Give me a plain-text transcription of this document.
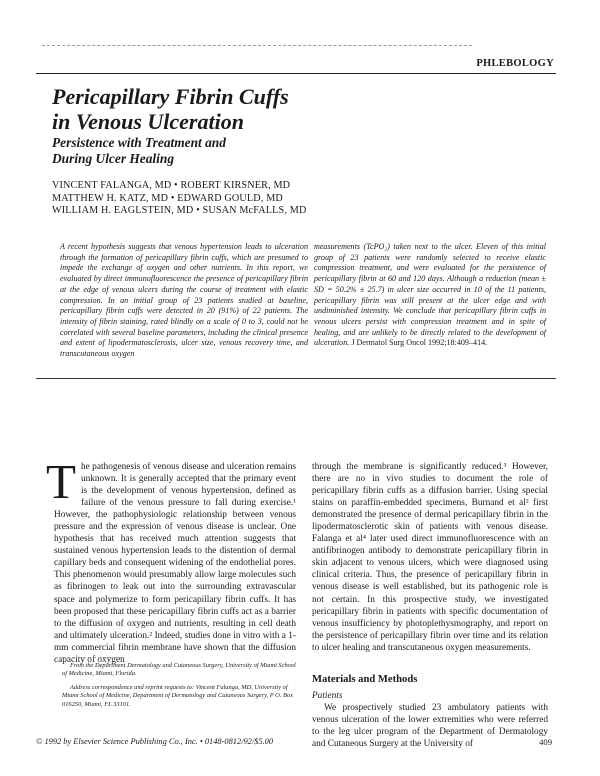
PHLEBOLOGY
Pericapillary Fibrin Cuffs
in Venous Ulceration
Persistence with Treatment and
During Ulcer Healing
VINCENT FALANGA, MD • ROBERT KIRSNER, MD
MATTHEW H. KATZ, MD • EDWARD GOULD, MD
WILLIAM H. EAGLSTEIN, MD • SUSAN McFALLS, MD

A recent hypothesis suggests that venous hypertension leads to ulceration through the formation of pericapillary fibrin cuffs, which are presumed to impede the exchange of oxygen and other nutrients. In this report, we evaluated by direct immunofluorescence the presence of pericapillary fibrin at the edge of venous ulcers during the course of treatment with elastic compression. In an initial group of 23 patients studied at baseline, pericapillary fibrin cuffs were detected in 20 (91%) of 22 patients. The intensity of fibrin staining, rated blindly on a scale of 0 to 3, could not be correlated with several baseline parameters, including the clinical presence and extent of lipodermatosclerosis, ulcer size, venous recovery time, and transcutaneous oxygen

measurements (TcPO₂) taken next to the ulcer. Eleven of this initial group of 23 patients were randomly selected to receive elastic compression treatment, and were evaluated for the persistence of pericapillary fibrin at 60 and 120 days. Although a reduction (mean ± SD = 50.2% ± 25.7) in ulcer size occurred in 10 of the 11 patients, pericapillary fibrin was still present at the ulcer edge and with undiminished intensity. We conclude that pericapillary fibrin cuffs in venous ulcers persist with compression treatment and in spite of healing, and are unlikely to be directly related to the development of ulceration. J Dermatol Surg Oncol 1992;18:409–414.

The pathogenesis of venous disease and ulceration remains unknown. It is generally accepted that the primary event is the development of venous hypertension, defined as failure of the venous pressure to fall during exercise.¹ However, the pathophysiologic relationship between venous pressure and the expression of venous disease is unclear. One hypothesis that has received much attention suggests that sustained venous hypertension leads to the distention of dermal capillary beds and consequent widening of the endothelial pores. This phenomenon would presumably allow large molecules such as fibrinogen to leak out into the surrounding extravascular space and polymerize to form pericapillary fibrin cuffs. It has been proposed that these pericapillary fibrin cuffs act as a barrier to the diffusion of oxygen and nutrients, resulting in cell death and ultimately ulceration.² Indeed, studies done in vitro with a 1-mm commercial fibrin membrane have shown that the diffusion capacity of oxygen

through the membrane is significantly reduced.³ However, there are no in vivo studies to document the role of pericapillary fibrin cuffs as a diffusion barrier. Using special stains on paraffin-embedded specimens, Burnand et al² first demonstrated the presence of dermal pericapillary fibrin in the lipodermatosclerotic skin of patients with venous disease. Falanga et al⁴ later used direct immunofluorescence with an antifibrinogen antibody to demonstrate pericapillary fibrin in skin adjacent to venous ulcers, which were diagnosed using clinical criteria. Thus, the presence of pericapillary fibrin in venous disease is well established, but its pathogenic role is not certain. In this prospective study, we investigated pericapillary fibrin in patients with specific documentation of venous insufficiency by photoplethysmography, and report on the persistence of pericapillary fibrin over time and its relation to ulcer healing and transcutaneous oxygen measurements.

Materials and Methods

Patients

We prospectively studied 23 ambulatory patients with venous ulceration of the lower extremities who were referred to the leg ulcer program of the Department of Dermatology and Cutaneous Surgery at the University of

From the Department Dermatology and Cutaneous Surgery, University of Miami School of Medicine, Miami, Florida.
Address correspondence and reprint requests to: Vincent Falanga, MD, University of Miami School of Medicine, Department of Dermatology and Cutaneous Surgery, P O. Box 016250, Miami, FL 33101.
© 1992 by Elsevier Science Publishing Co., Inc. • 0148-0812/92/$5.00	409
